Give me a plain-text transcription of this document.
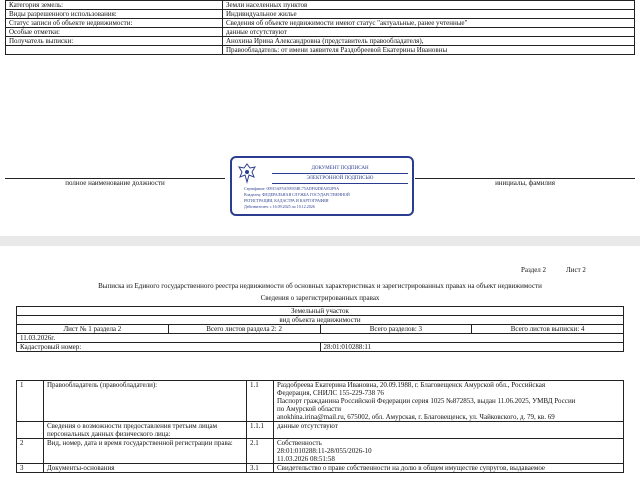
Категория земель:	Земли населенных пунктов
Виды разрешенного использования:	Индивидуальное жилье
Статус записи об объекте недвижимости:	Сведения об объекте недвижимости имеют статус "актуальные, ранее учтенные"
Особые отметки:	данные отсутствуют
Получатель выписки:	Анохина Ирина Александровна (представитель правообладателя),
	Правообладатель: от имени заявителя Раздобреевой Екатерины Ивановны
полное наименование должности	инициалы, фамилия
ДОКУМЕНТ ПОДПИСАН
ЭЛЕКТРОННОЙ ПОДПИСЬЮ
Сертификат: 00915AF5A59935BC75ADF02DEA052F9A
Владелец: ФЕДЕРАЛЬНАЯ СЛУЖБА ГОСУДАРСТВЕННОЙ
РЕГИСТРАЦИИ, КАДАСТРА И КАРТОГРАФИИ
Действителен: с 16.09.2025 по 10.12.2026
Раздел 2	Лист 2
Выписка из Единого государственного реестра недвижимости об основных характеристиках и зарегистрированных правах на объект недвижимости
Сведения о зарегистрированных правах
Земельный участок			
вид объекта недвижимости			
Лист № 1 раздела 2	Всего листов раздела 2: 2	Всего разделов: 3	Всего листов выписки: 4
11.03.2026г.			
Кадастровый номер:		28:01:010288:11	
1	Правообладатель (правообладатели):	1.1	Раздобреева Екатерина Ивановна, 20.09.1988, г. Благовещенск Амурской обл., Российская
Федерация, СНИЛС 155-229-738 76
Паспорт гражданина Российской Федерации серия 1025 №872853, выдан 11.06.2025, УМВД России
по Амурской области
anokhina.irina@mail.ru, 675002, обл. Амурская, г. Благовещенск, ул. Чайковского, д. 79, кв. 69

	Сведения о возможности предоставления третьим лицам персональных данных физического лица:	1.1.1	данные отсутствуют

2	Вид, номер, дата и время государственной регистрации права:	2.1	Собственность
28:01:010288:11-28/055/2026-10
11.03.2026 08:51:58

3	Документы-основания	3.1	Свидетельство о праве собственности на долю в общем имуществе супругов, выдаваемое
